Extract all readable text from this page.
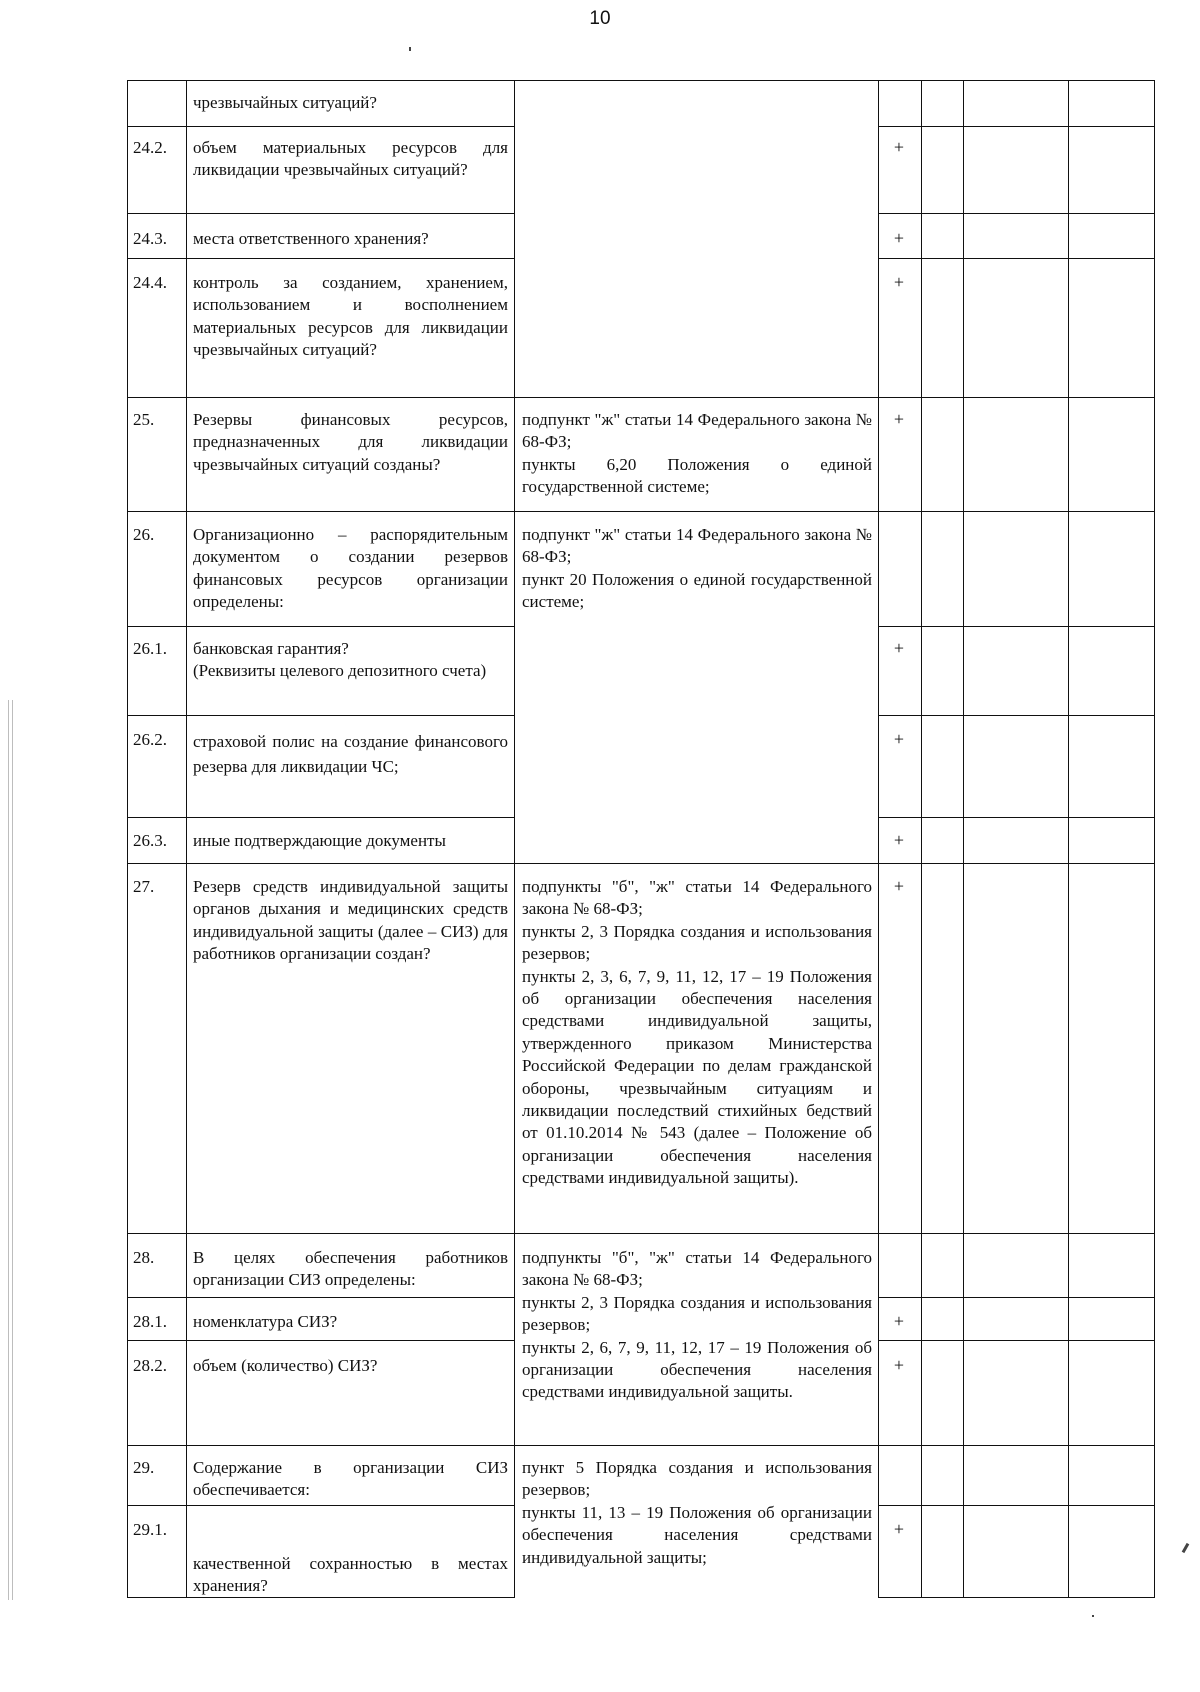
10
24.2.
24.3.
24.4.
25.
26.
26.1.
26.2.
26.3.
27.
28.
28.1.
28.2.
29.
29.1.
чрезвычайных ситуаций?
объем материальных ресурсов для ликвидации чрезвычайных ситуаций?
места ответственного хранения?
контроль за созданием, хранением, использованием и восполнением материальных ресурсов для ликвидации чрезвычайных ситуаций?
Резервы финансовых ресурсов, предназначенных для ликвидации чрезвычайных ситуаций созданы?
Организационно – распорядительным документом о создании резервов финансовых ресурсов организации определены:
банковская гарантия?
(Реквизиты целевого депозитного счета)
страховой полис на создание финансового резерва для ликвидации ЧС;
иные подтверждающие документы
Резерв средств индивидуальной защиты органов дыхания и медицинских средств индивидуальной защиты (далее – СИЗ) для работников организации создан?
В целях обеспечения работников организации СИЗ определены:
номенклатура СИЗ?
объем (количество) СИЗ?
Содержание в организации СИЗ обеспечивается:
качественной сохранностью в местах хранения?
подпункт "ж" статьи 14 Федерального закона № 68-ФЗ;
пункты 6,20 Положения о единой государственной системе;
подпункт "ж" статьи 14 Федерального закона № 68-ФЗ;
пункт 20 Положения о единой государственной системе;
подпункты "б", "ж" статьи 14 Федерального закона № 68-ФЗ;
пункты 2, 3 Порядка создания и использования резервов;
пункты 2, 3, 6, 7, 9, 11, 12, 17 – 19 Положения об организации обеспечения населения средствами индивидуальной защиты, утвержденного приказом Министерства Российской Федерации по делам гражданской обороны, чрезвычайным ситуациям и ликвидации последствий стихийных бедствий от 01.10.2014 № 543 (далее – Положение об организации обеспечения населения средствами индивидуальной защиты).
подпункты "б", "ж" статьи 14 Федерального закона № 68-ФЗ;
пункты 2, 3 Порядка создания и использования резервов;
пункты 2, 6, 7, 9, 11, 12, 17 – 19 Положения об организации обеспечения населения средствами индивидуальной защиты.
пункт 5 Порядка создания и использования резервов;
пункты 11, 13 – 19 Положения об организации обеспечения населения средствами индивидуальной защиты;
+
+
+
+
+
+
+
+
+
+
+
